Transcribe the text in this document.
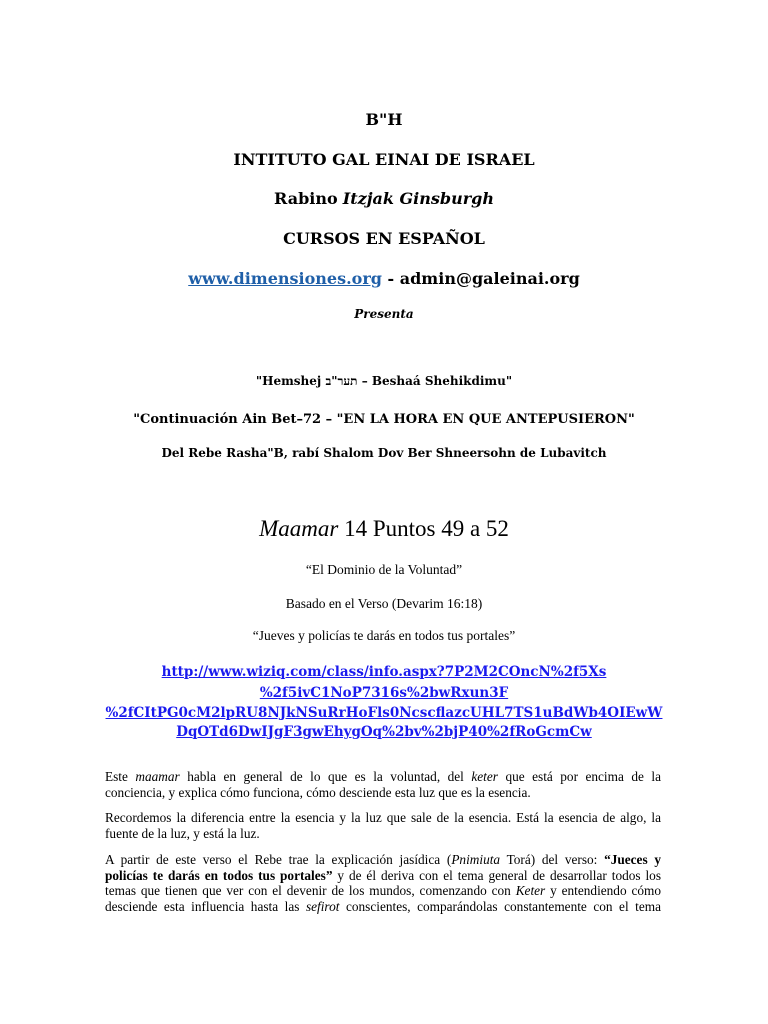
B"H
INTITUTO GAL EINAI DE ISRAEL
Rabino Itzjak Ginsburgh
CURSOS EN ESPAÑOL
www.dimensiones.org - admin@galeinai.org
Presenta
"Hemshej תער"ב – Beshaá Shehikdimu"
"Continuación Ain Bet–72 – "EN LA HORA EN QUE ANTEPUSIERON"
Del Rebe Rasha"B, rabí Shalom Dov Ber Shneersohn de Lubavitch
Maamar 14 Puntos 49 a 52
“El Dominio de la Voluntad”
Basado en el Verso (Devarim 16:18)
“Jueves y policías te darás en todos tus portales”
http://www.wiziq.com/class/info.aspx?7P2M2COncN%2f5Xs
%2f5ivC1NoP7316s%2bwRxun3F
%2fCItPG0cM2lpRU8NJkNSuRrHoFls0NcscflazcUHL7TS1uBdWb4OIEwW
DqOTd6DwIJgF3gwEhygOq%2bv%2bjP40%2fRoGcmCw
Este maamar habla en general de lo que es la voluntad, del keter que está por encima de la
conciencia, y explica cómo funciona, cómo desciende esta luz que es la esencia.
Recordemos la diferencia entre la esencia y la luz que sale de la esencia. Está la esencia de algo, la
fuente de la luz, y está la luz.
A partir de este verso el Rebe trae la explicación jasídica (Pnimiuta Torá) del verso: “Jueces y
policías te darás en todos tus portales” y de él deriva con el tema general de desarrollar todos los
temas que tienen que ver con el devenir de los mundos, comenzando con Keter y entendiendo cómo
desciende esta influencia hasta las sefirot conscientes, comparándolas constantemente con el tema
